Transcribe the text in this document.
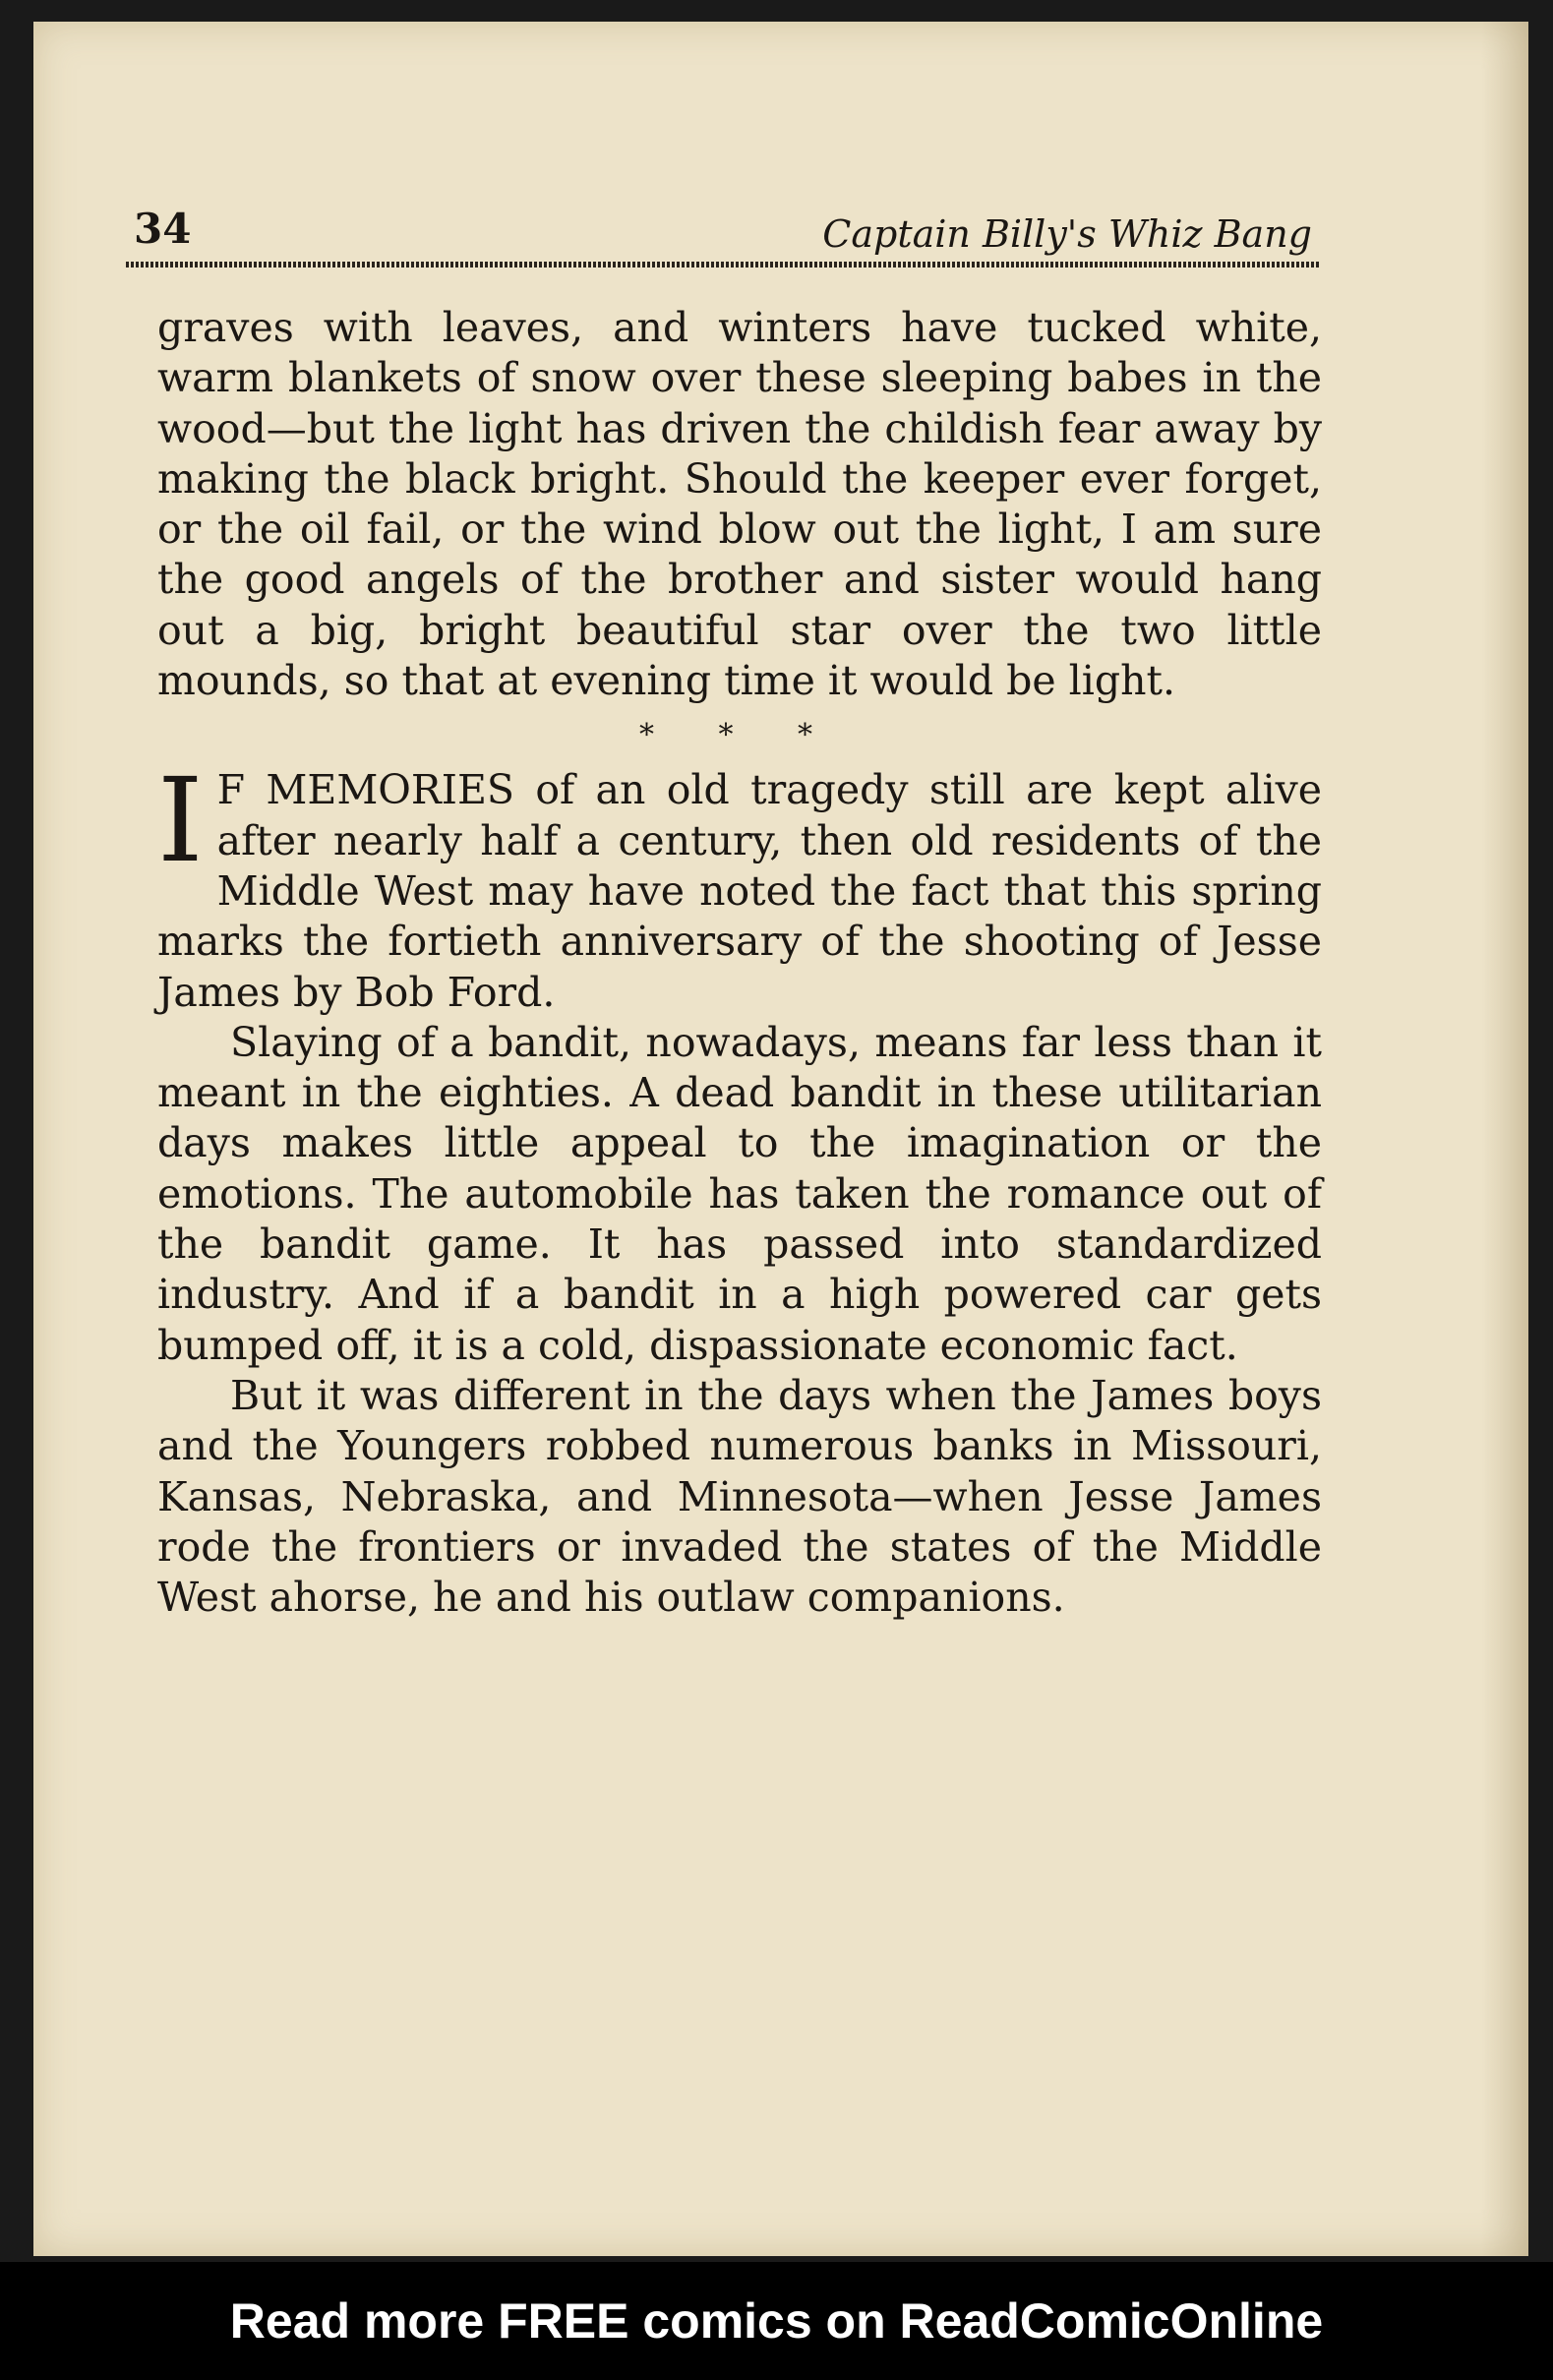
34	Captain Billy's Whiz Bang

graves with leaves, and winters have tucked white, warm blankets of snow over these sleeping babes in the wood—but the light has driven the childish fear away by making the black bright. Should the keeper ever forget, or the oil fail, or the wind blow out the light, I am sure the good angels of the brother and sister would hang out a big, bright beautiful star over the two little mounds, so that at evening time it would be light.

* * *

I F MEMORIES of an old tragedy still are kept alive after nearly half a century, then old residents of the Middle West may have noted the fact that this spring marks the fortieth anniversary of the shooting of Jesse James by Bob Ford.

Slaying of a bandit, nowadays, means far less than it meant in the eighties. A dead bandit in these utilitarian days makes little appeal to the imagination or the emotions. The automobile has taken the romance out of the bandit game. It has passed into standardized industry. And if a bandit in a high powered car gets bumped off, it is a cold, dispassionate economic fact.

But it was different in the days when the James boys and the Youngers robbed numerous banks in Missouri, Kansas, Nebraska, and Minnesota—when Jesse James rode the frontiers or invaded the states of the Middle West ahorse, he and his outlaw companions.

Read more FREE comics on ReadComicOnline
